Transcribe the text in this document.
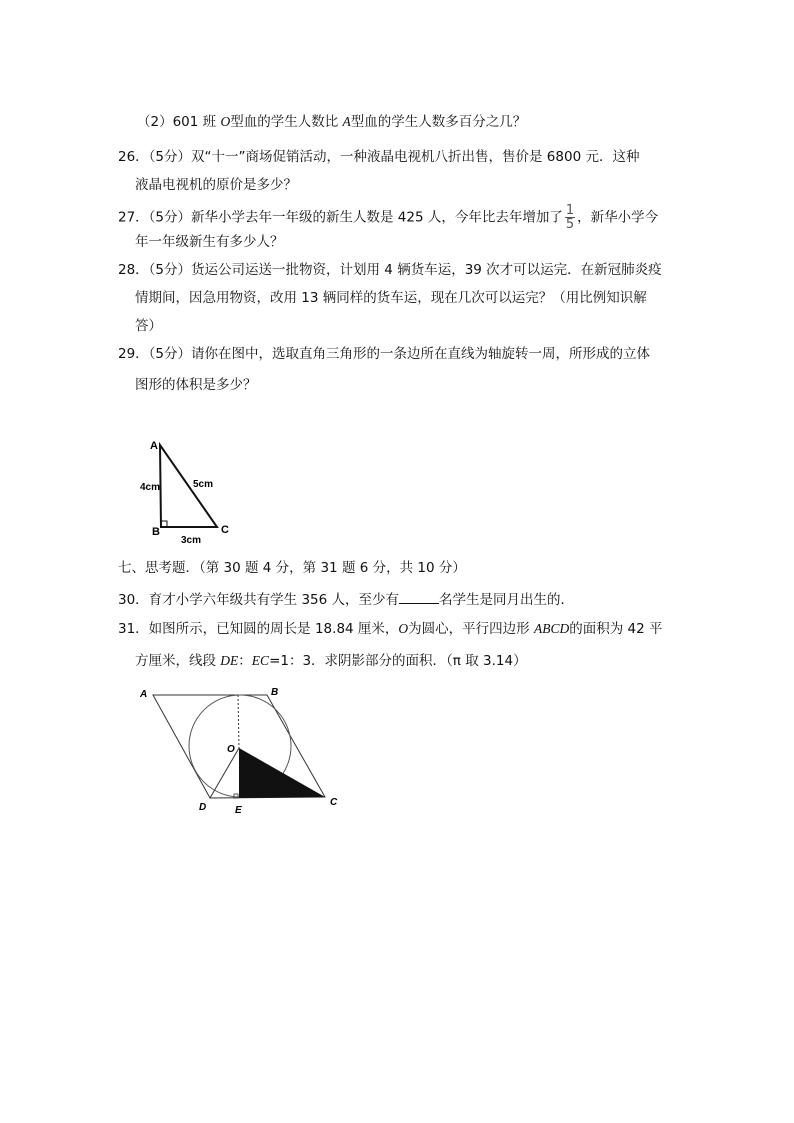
（2）601 班 O型血的学生人数比 A型血的学生人数多百分之几？
26．（5分）双“十一”商场促销活动，一种液晶电视机八折出售，售价是 6800 元．这种
液晶电视机的原价是多少？
27．（5分）新华小学去年一年级的新生人数是 425 人，今年比去年增加了 $\frac{1}{5}$ ，新华小学今
年一年级新生有多少人？
28．（5分）货运公司运送一批物资，计划用 4 辆货车运，39 次才可以运完．在新冠肺炎疫
情期间，因急用物资，改用 13 辆同样的货车运，现在几次可以运完？（用比例知识解
答）
29．（5分）请你在图中，选取直角三角形的一条边所在直线为轴旋转一周，所形成的立体
图形的体积是多少？
A
B	C
4cm	5cm
3cm
A	B
C
D	E
O
七、思考题．（第 30 题 4 分，第 31 题 6 分，共 10 分）
30．育才小学六年级共有学生 356 人，至少有	名学生是同月出生的．
31．如图所示，已知圆的周长是 18.84 厘米，O为圆心，平行四边形 ABCD的面积为 42 平
方厘米，线段 DE：EC=1：3．求阴影部分的面积．（π 取 3.14）
